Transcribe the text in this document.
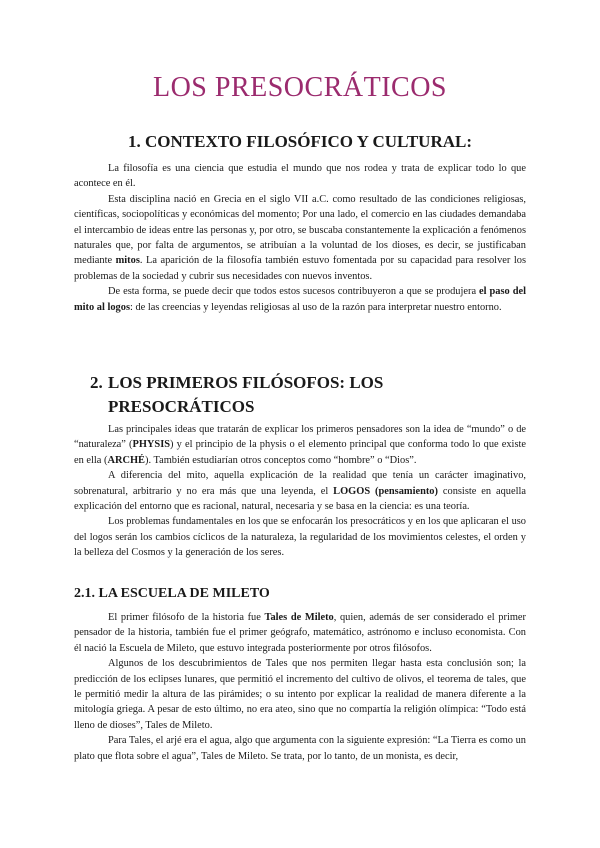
LOS PRESOCRÁTICOS
1. CONTEXTO FILOSÓFICO Y CULTURAL:

La filosofía es una ciencia que estudia el mundo que nos rodea y trata de explicar todo lo que acontece en él.

Esta disciplina nació en Grecia en el siglo VII a.C. como resultado de las condiciones religiosas, científicas, sociopolíticas y económicas del momento; Por una lado, el comercio en las ciudades demandaba el intercambio de ideas entre las personas y, por otro, se buscaba constantemente la explicación a fenómenos naturales que, por falta de argumentos, se atribuían a la voluntad de los dioses, es decir, se justificaban mediante mitos. La aparición de la filosofía también estuvo fomentada por su capacidad para resolver los problemas de la sociedad y cubrir sus necesidades con nuevos inventos.

De esta forma, se puede decir que todos estos sucesos contribuyeron a que se produjera el paso del mito al logos: de las creencias y leyendas religiosas al uso de la razón para interpretar nuestro entorno.

2. LOS PRIMEROS FILÓSOFOS: LOS
PRESOCRÁTICOS

Las principales ideas que tratarán de explicar los primeros pensadores son la idea de “mundo” o de “naturaleza” (PHYSIS) y el principio de la physis o el elemento principal que conforma todo lo que existe en ella (ARCHÉ). También estudiarían otros conceptos como “hombre” o “Dios”.

A diferencia del mito, aquella explicación de la realidad que tenía un carácter imaginativo, sobrenatural, arbitrario y no era más que una leyenda, el LOGOS (pensamiento) consiste en aquella explicación del entorno que es racional, natural, necesaria y se basa en la ciencia: es una teoría.

Los problemas fundamentales en los que se enfocarán los presocráticos y en los que aplicaran el uso del logos serán los cambios cíclicos de la naturaleza, la regularidad de los movimientos celestes, el orden y la belleza del Cosmos y la generación de los seres.

2.1. LA ESCUELA DE MILETO

El primer filósofo de la historia fue Tales de Mileto, quien, además de ser considerado el primer pensador de la historia, también fue el primer geógrafo, matemático, astrónomo e incluso economista. Con él nació la Escuela de Mileto, que estuvo integrada posteriormente por otros filósofos.

Algunos de los descubrimientos de Tales que nos permiten llegar hasta esta conclusión son; la predicción de los eclipses lunares, que permitió el incremento del cultivo de olivos, el teorema de tales, que le permitió medir la altura de las pirámides; o su intento por explicar la realidad de manera diferente a la mitología griega. A pesar de esto último, no era ateo, sino que no compartía la religión olímpica: “Todo está lleno de dioses”, Tales de Mileto.

Para Tales, el arjé era el agua, algo que argumenta con la siguiente expresión: “La Tierra es como un plato que flota sobre el agua”, Tales de Mileto. Se trata, por lo tanto, de un monista, es decir,
